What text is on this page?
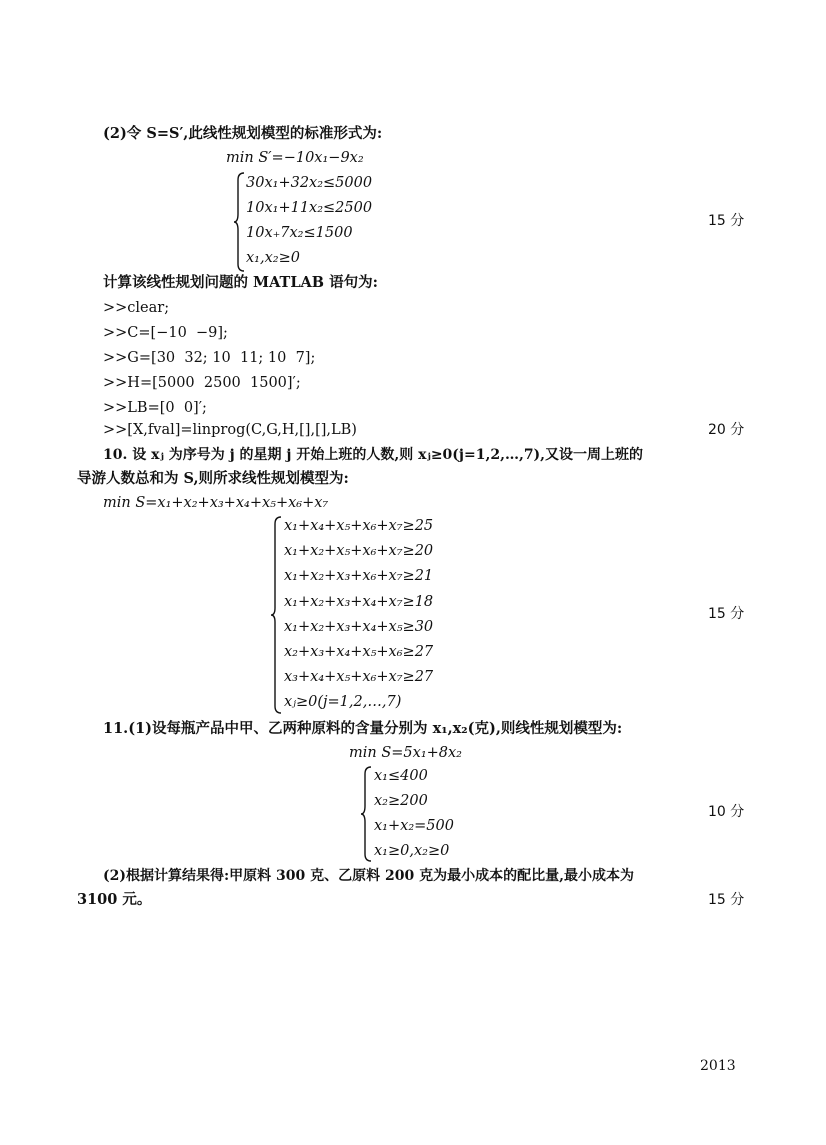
(2)令 S=S′,此线性规划模型的标准形式为:
min S′=−10x₁−9x₂
30x₁+32x₂≤5000
10x₁+11x₂≤2500
10x₊7x₂≤1500
x₁,x₂≥0
15 分
计算该线性规划问题的 MATLAB 语句为:
>>clear;
>>C=[−10  −9];
>>G=[30  32; 10  11; 10  7];
>>H=[5000  2500  1500]′;
>>LB=[0  0]′;
>>[X,fval]=linprog(C,G,H,[],[],LB)	20 分
10. 设 xⱼ 为序号为 j 的星期 j 开始上班的人数,则 xⱼ≥0(j=1,2,…,7),又设一周上班的
导游人数总和为 S,则所求线性规划模型为:
min S=x₁+x₂+x₃+x₄+x₅+x₆+x₇
x₁+x₄+x₅+x₆+x₇≥25
x₁+x₂+x₅+x₆+x₇≥20
x₁+x₂+x₃+x₆+x₇≥21
x₁+x₂+x₃+x₄+x₇≥18
x₁+x₂+x₃+x₄+x₅≥30
x₂+x₃+x₄+x₅+x₆≥27
x₃+x₄+x₅+x₆+x₇≥27
xⱼ≥0(j=1,2,…,7)
15 分
11.(1)设每瓶产品中甲、乙两种原料的含量分别为 x₁,x₂(克),则线性规划模型为:
min S=5x₁+8x₂
x₁≤400
x₂≥200
x₁+x₂=500
x₁≥0,x₂≥0
10 分
(2)根据计算结果得:甲原料 300 克、乙原料 200 克为最小成本的配比量,最小成本为
3100 元。	15 分
2013
